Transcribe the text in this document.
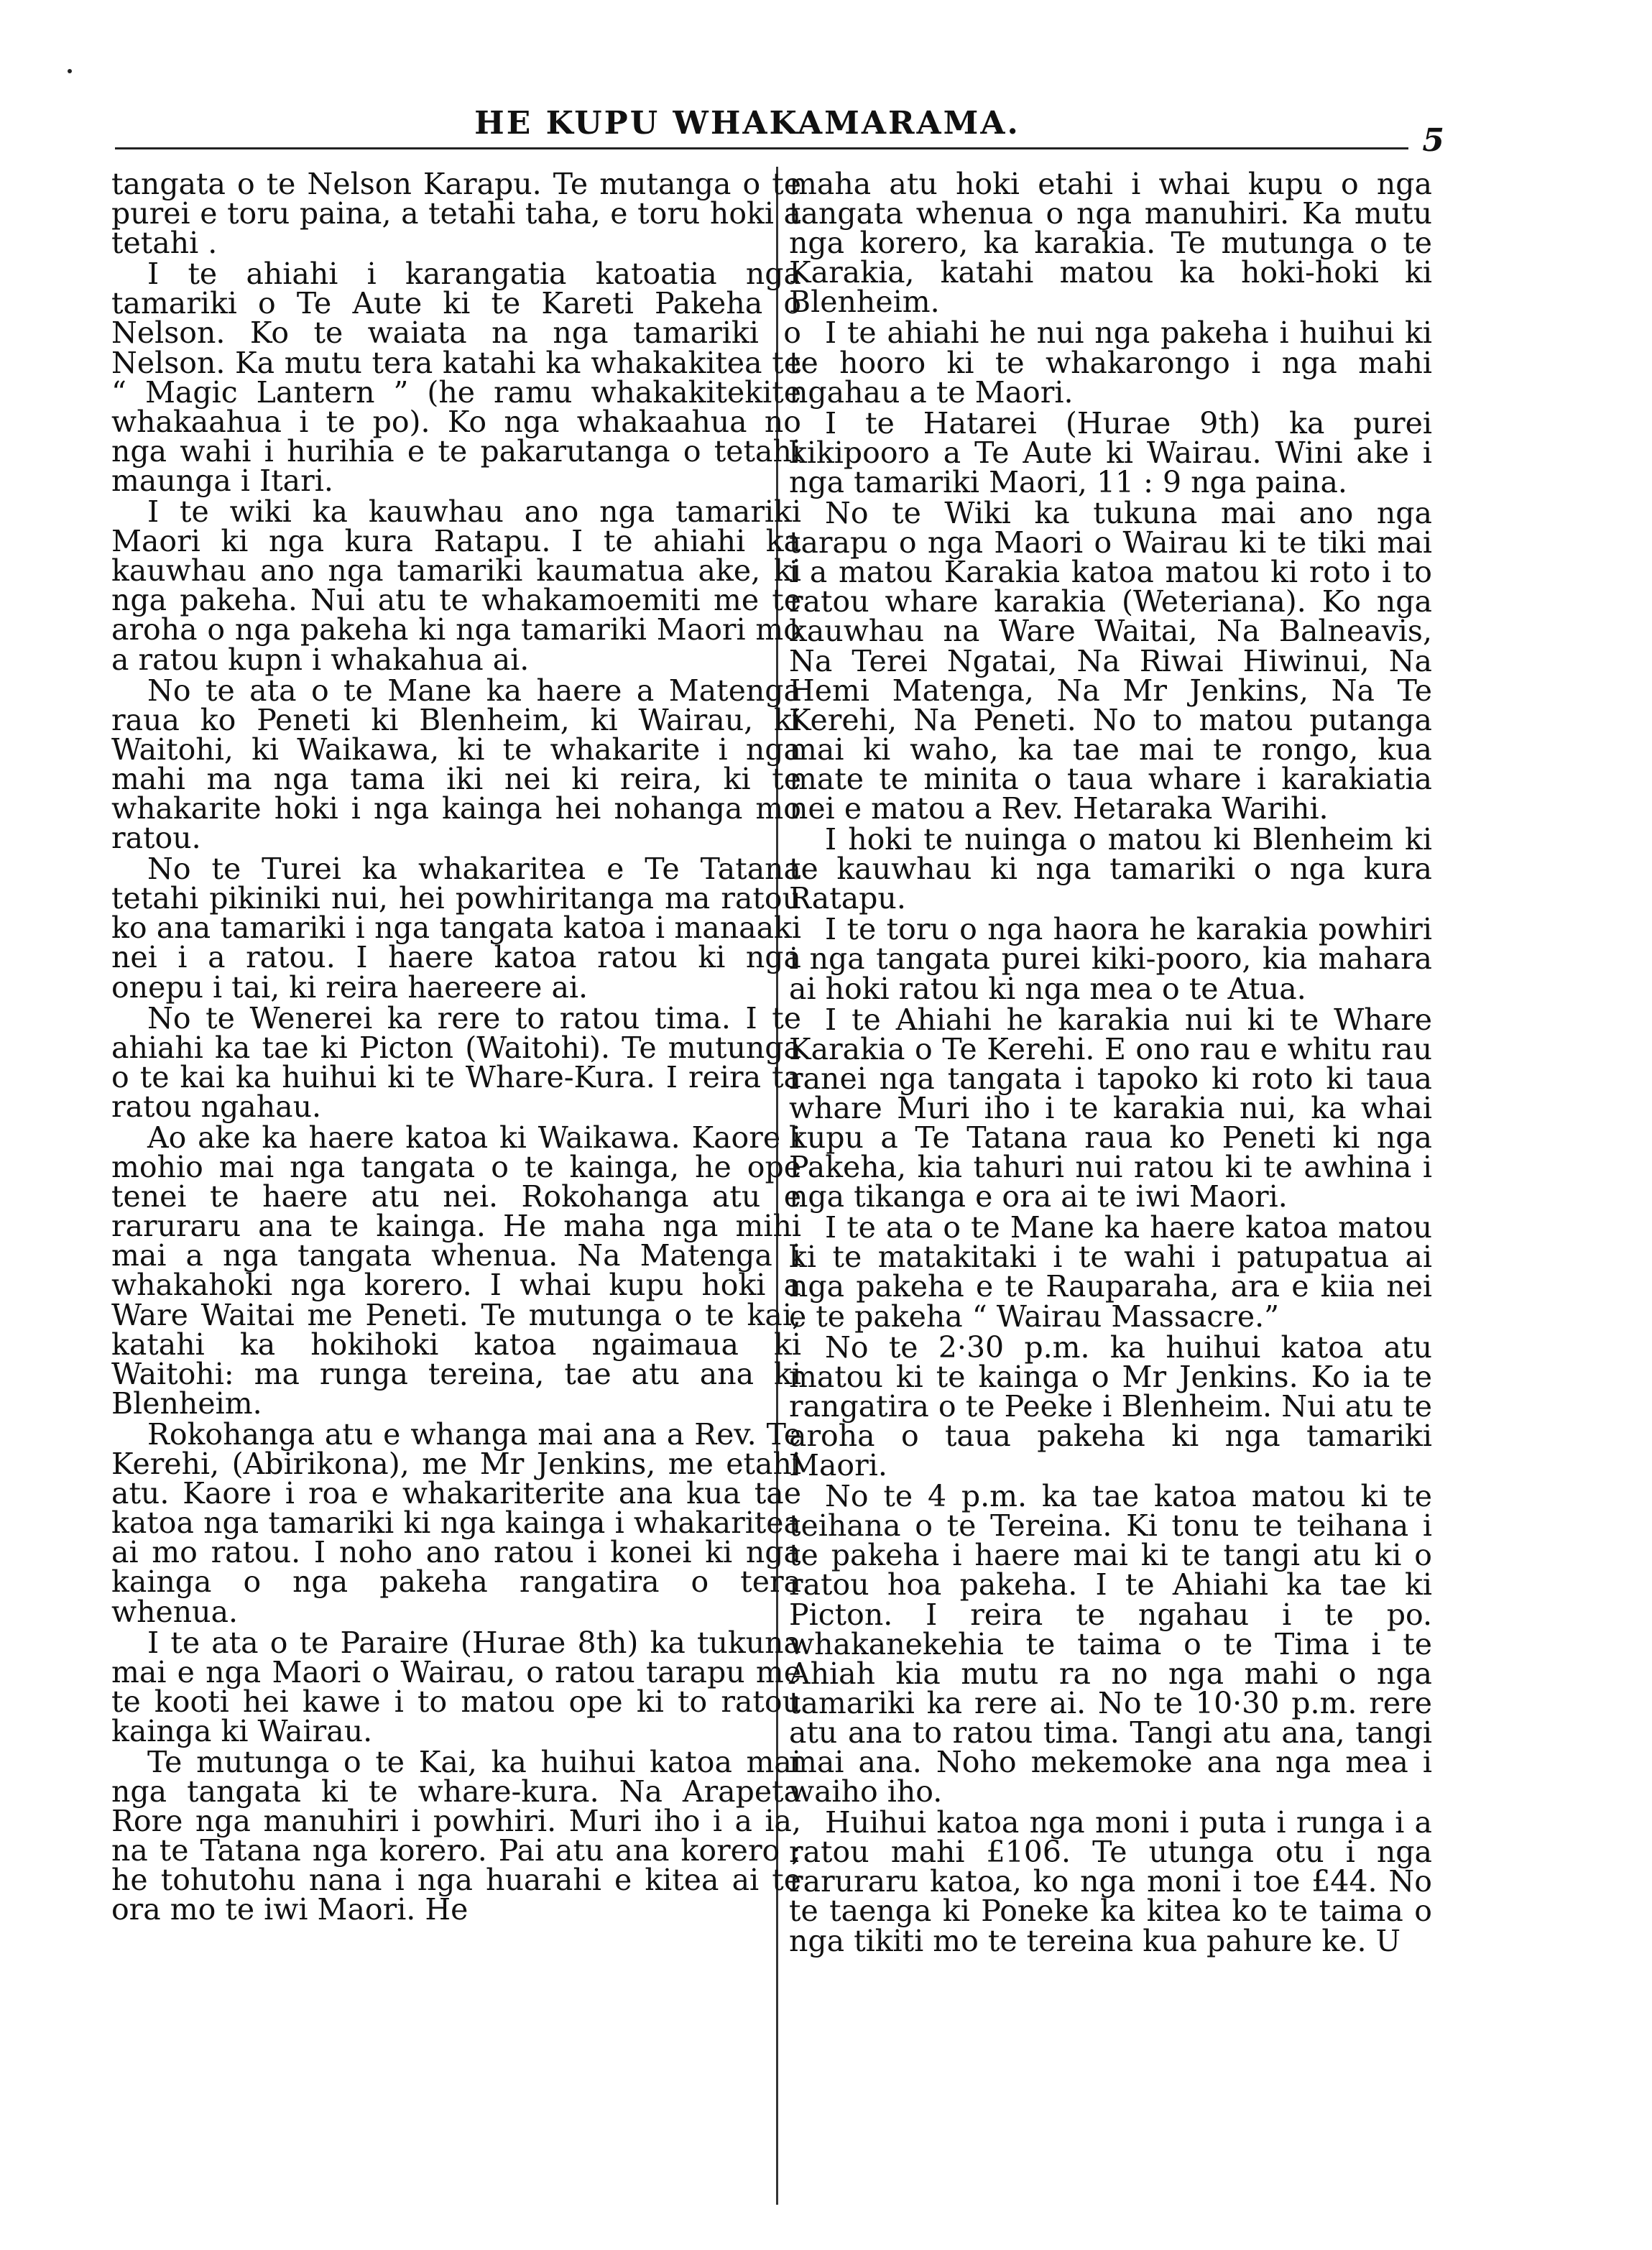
HE KUPU WHAKAMARAMA.	5

tangata o te Nelson Karapu. Te mutanga o te purei e toru paina, a tetahi taha, e toru hoki a tetahi .

I te ahiahi i karangatia katoatia nga tamariki o Te Aute ki te Kareti Pakeha o Nelson. Ko te waiata na nga tamariki o Nelson. Ka mutu tera katahi ka whakakitea te “ Magic Lantern ” (he ramu whakakitekite whakaahua i te po). Ko nga whakaahua no nga wahi i hurihia e te pakarutanga o tetahi maunga i Itari.

I te wiki ka kauwhau ano nga tamariki Maori ki nga kura Ratapu. I te ahiahi ka kauwhau ano nga tamariki kaumatua ake, ki nga pakeha. Nui atu te whakamoemiti me te aroha o nga pakeha ki nga tamariki Maori mo a ratou kupn i whakahua ai.

No te ata o te Mane ka haere a Matenga raua ko Peneti ki Blenheim, ki Wairau, ki Waitohi, ki Waikawa, ki te whakarite i nga mahi ma nga tama iki nei ki reira, ki te whakarite hoki i nga kainga hei nohanga mo ratou.

No te Turei ka whakaritea e Te Tatana tetahi pikiniki nui, hei powhiritanga ma ratou ko ana tamariki i nga tangata katoa i manaaki nei i a ratou. I haere katoa ratou ki nga onepu i tai, ki reira haereere ai.

No te Wenerei ka rere to ratou tima. I te ahiahi ka tae ki Picton (Waitohi). Te mutunga o te kai ka huihui ki te Whare-Kura. I reira ta ratou ngahau.

Ao ake ka haere katoa ki Waikawa. Kaore i mohio mai nga tangata o te kainga, he ope tenei te haere atu nei. Rokohanga atu e raruraru ana te kainga. He maha nga mihi mai a nga tangata whenua. Na Matenga i whakahoki nga korero. I whai kupu hoki a Ware Waitai me Peneti. Te mutunga o te kai, katahi ka hokihoki katoa ngaimaua ki Waitohi: ma runga tereina, tae atu ana ki Blenheim.

Rokohanga atu e whanga mai ana a Rev. Te Kerehi, (Abirikona), me Mr Jenkins, me etahi atu. Kaore i roa e whakariterite ana kua tae katoa nga tamariki ki nga kainga i whakaritea ai mo ratou. I noho ano ratou i konei ki nga kainga o nga pakeha rangatira o tera whenua.

I te ata o te Paraire (Hurae 8th) ka tukuna mai e nga Maori o Wairau, o ratou tarapu me te kooti hei kawe i to matou ope ki to ratou kainga ki Wairau.

Te mutunga o te Kai, ka huihui katoa mai nga tangata ki te whare-kura. Na Arapeta Rore nga manuhiri i powhiri. Muri iho i a ia, na te Tatana nga korero. Pai atu ana korero ; he tohutohu nana i nga huarahi e kitea ai te ora mo te iwi Maori. He

maha atu hoki etahi i whai kupu o nga tangata whenua o nga manuhiri. Ka mutu nga korero, ka karakia. Te mutunga o te Karakia, katahi matou ka hoki-hoki ki Blenheim.

I te ahiahi he nui nga pakeha i huihui ki te hooro ki te whakarongo i nga mahi ngahau a te Maori.

I te Hatarei (Hurae 9th) ka purei kikipooro a Te Aute ki Wairau. Wini ake i nga tamariki Maori, 11 : 9 nga paina.

No te Wiki ka tukuna mai ano nga tarapu o nga Maori o Wairau ki te tiki mai i a matou Karakia katoa matou ki roto i to ratou whare karakia (Weteriana). Ko nga kauwhau na Ware Waitai, Na Balneavis, Na Terei Ngatai, Na Riwai Hiwinui, Na Hemi Matenga, Na Mr Jenkins, Na Te Kerehi, Na Peneti. No to matou putanga mai ki waho, ka tae mai te rongo, kua mate te minita o taua whare i karakiatia nei e matou a Rev. Hetaraka Warihi.

I hoki te nuinga o matou ki Blenheim ki te kauwhau ki nga tamariki o nga kura Ratapu.

I te toru o nga haora he karakia powhiri i nga tangata purei kiki-pooro, kia mahara ai hoki ratou ki nga mea o te Atua.

I te Ahiahi he karakia nui ki te Whare Karakia o Te Kerehi. E ono rau e whitu rau ranei nga tangata i tapoko ki roto ki taua whare Muri iho i te karakia nui, ka whai kupu a Te Tatana raua ko Peneti ki nga Pakeha, kia tahuri nui ratou ki te awhina i nga tikanga e ora ai te iwi Maori.

I te ata o te Mane ka haere katoa matou ki te matakitaki i te wahi i patupatua ai nga pakeha e te Rauparaha, ara e kiia nei e te pakeha “ Wairau Massacre.”

No te 2·30 p.m. ka huihui katoa atu matou ki te kainga o Mr Jenkins. Ko ia te rangatira o te Peeke i Blenheim. Nui atu te aroha o taua pakeha ki nga tamariki Maori.

No te 4 p.m. ka tae katoa matou ki te teihana o te Tereina. Ki tonu te teihana i te pakeha i haere mai ki te tangi atu ki o ratou hoa pakeha. I te Ahiahi ka tae ki Picton. I reira te ngahau i te po. whakanekehia te taima o te Tima i te Ahiah kia mutu ra no nga mahi o nga tamariki ka rere ai. No te 10·30 p.m. rere atu ana to ratou tima. Tangi atu ana, tangi mai ana. Noho mekemoke ana nga mea i waiho iho.

Huihui katoa nga moni i puta i runga i a ratou mahi £106. Te utunga otu i nga raruraru katoa, ko nga moni i toe £44. No te taenga ki Poneke ka kitea ko te taima o nga tikiti mo te tereina kua pahure ke. U
